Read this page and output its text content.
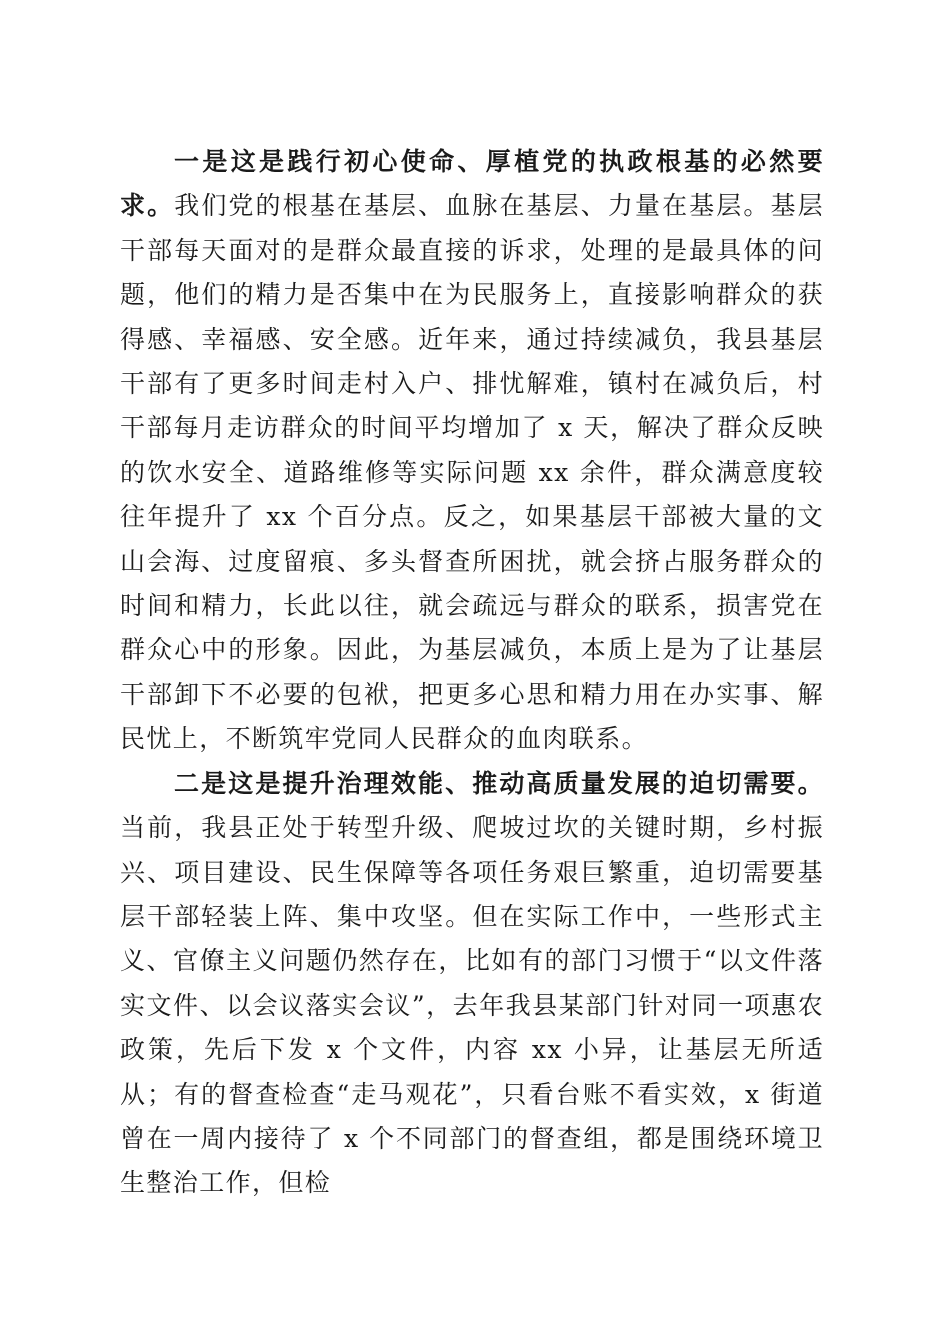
一是这是践行初心使命、厚植党的执政根基的必然要求。我们党的根基在基层、血脉在基层、力量在基层。基层干部每天面对的是群众最直接的诉求，处理的是最具体的问题，他们的精力是否集中在为民服务上，直接影响群众的获得感、幸福感、安全感。近年来，通过持续减负，我县基层干部有了更多时间走村入户、排忧解难，镇村在减负后，村干部每月走访群众的时间平均增加了 x 天，解决了群众反映的饮水安全、道路维修等实际问题 xx 余件，群众满意度较往年提升了 xx 个百分点。反之，如果基层干部被大量的文山会海、过度留痕、多头督查所困扰，就会挤占服务群众的时间和精力，长此以往，就会疏远与群众的联系，损害党在群众心中的形象。因此，为基层减负，本质上是为了让基层干部卸下不必要的包袱，把更多心思和精力用在办实事、解民忧上，不断筑牢党同人民群众的血肉联系。

二是这是提升治理效能、推动高质量发展的迫切需要。当前，我县正处于转型升级、爬坡过坎的关键时期，乡村振兴、项目建设、民生保障等各项任务艰巨繁重，迫切需要基层干部轻装上阵、集中攻坚。但在实际工作中，一些形式主义、官僚主义问题仍然存在，比如有的部门习惯于“以文件落实文件、以会议落实会议”，去年我县某部门针对同一项惠农政策，先后下发 x 个文件，内容 xx 小异，让基层无所适从；有的督查检查“走马观花”，只看台账不看实效，x 街道曾在一周内接待了 x 个不同部门的督查组，都是围绕环境卫生整治工作，但检
